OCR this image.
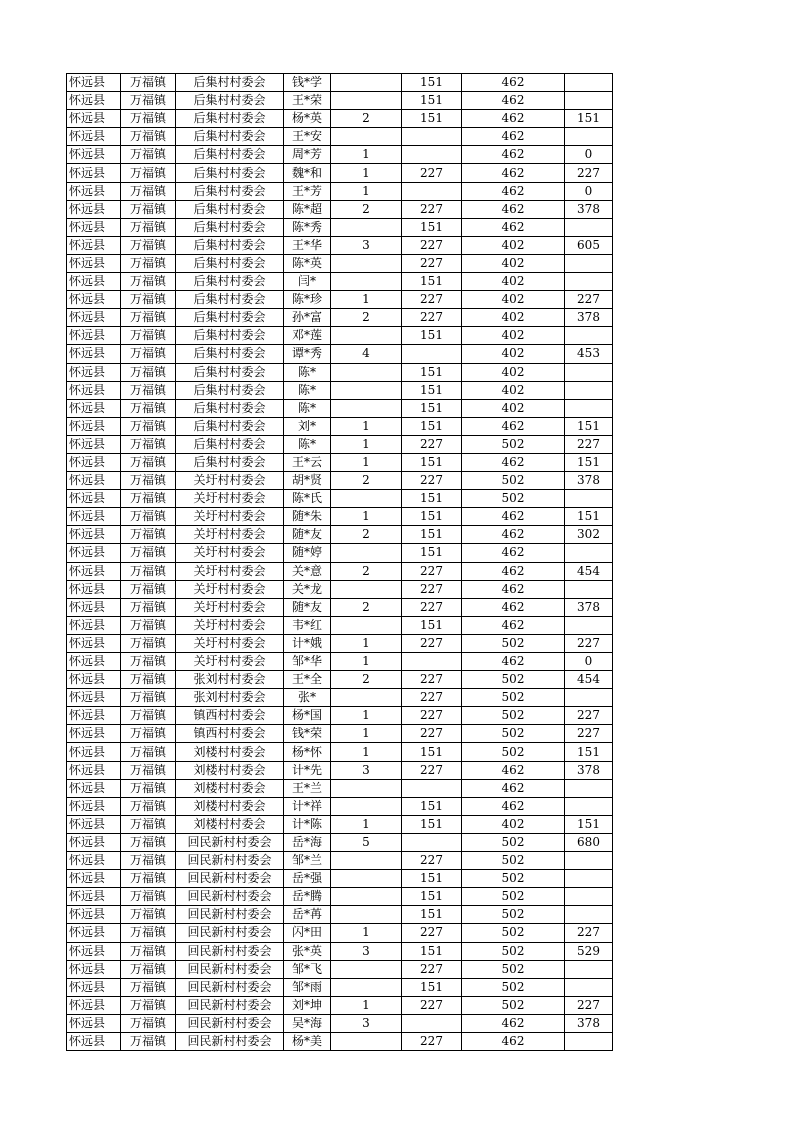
怀远县	万福镇	后集村村委会	钱*学		151	462	
怀远县	万福镇	后集村村委会	王*荣		151	462	
怀远县	万福镇	后集村村委会	杨*英	2	151	462	151
怀远县	万福镇	后集村村委会	王*安			462	
怀远县	万福镇	后集村村委会	周*芳	1		462	0
怀远县	万福镇	后集村村委会	魏*和	1	227	462	227
怀远县	万福镇	后集村村委会	王*芳	1		462	0
怀远县	万福镇	后集村村委会	陈*超	2	227	462	378
怀远县	万福镇	后集村村委会	陈*秀		151	462	
怀远县	万福镇	后集村村委会	王*华	3	227	402	605
怀远县	万福镇	后集村村委会	陈*英		227	402	
怀远县	万福镇	后集村村委会	闫*		151	402	
怀远县	万福镇	后集村村委会	陈*珍	1	227	402	227
怀远县	万福镇	后集村村委会	孙*富	2	227	402	378
怀远县	万福镇	后集村村委会	邓*莲		151	402	
怀远县	万福镇	后集村村委会	谭*秀	4		402	453
怀远县	万福镇	后集村村委会	陈*		151	402	
怀远县	万福镇	后集村村委会	陈*		151	402	
怀远县	万福镇	后集村村委会	陈*		151	402	
怀远县	万福镇	后集村村委会	刘*	1	151	462	151
怀远县	万福镇	后集村村委会	陈*	1	227	502	227
怀远县	万福镇	后集村村委会	王*云	1	151	462	151
怀远县	万福镇	关圩村村委会	胡*贤	2	227	502	378
怀远县	万福镇	关圩村村委会	陈*氏		151	502	
怀远县	万福镇	关圩村村委会	随*朱	1	151	462	151
怀远县	万福镇	关圩村村委会	随*友	2	151	462	302
怀远县	万福镇	关圩村村委会	随*婷		151	462	
怀远县	万福镇	关圩村村委会	关*意	2	227	462	454
怀远县	万福镇	关圩村村委会	关*龙		227	462	
怀远县	万福镇	关圩村村委会	随*友	2	227	462	378
怀远县	万福镇	关圩村村委会	韦*红		151	462	
怀远县	万福镇	关圩村村委会	计*娥	1	227	502	227
怀远县	万福镇	关圩村村委会	邹*华	1		462	0
怀远县	万福镇	张刘村村委会	王*全	2	227	502	454
怀远县	万福镇	张刘村村委会	张*		227	502	
怀远县	万福镇	镇西村村委会	杨*国	1	227	502	227
怀远县	万福镇	镇西村村委会	钱*荣	1	227	502	227
怀远县	万福镇	刘楼村村委会	杨*怀	1	151	502	151
怀远县	万福镇	刘楼村村委会	计*先	3	227	462	378
怀远县	万福镇	刘楼村村委会	王*兰			462	
怀远县	万福镇	刘楼村村委会	计*祥		151	462	
怀远县	万福镇	刘楼村村委会	计*陈	1	151	402	151
怀远县	万福镇	回民新村村委会	岳*海	5		502	680
怀远县	万福镇	回民新村村委会	邹*兰		227	502	
怀远县	万福镇	回民新村村委会	岳*强		151	502	
怀远县	万福镇	回民新村村委会	岳*腾		151	502	
怀远县	万福镇	回民新村村委会	岳*苒		151	502	
怀远县	万福镇	回民新村村委会	闪*田	1	227	502	227
怀远县	万福镇	回民新村村委会	张*英	3	151	502	529
怀远县	万福镇	回民新村村委会	邹*飞		227	502	
怀远县	万福镇	回民新村村委会	邹*雨		151	502	
怀远县	万福镇	回民新村村委会	刘*坤	1	227	502	227
怀远县	万福镇	回民新村村委会	吴*海	3		462	378
怀远县	万福镇	回民新村村委会	杨*美		227	462	
